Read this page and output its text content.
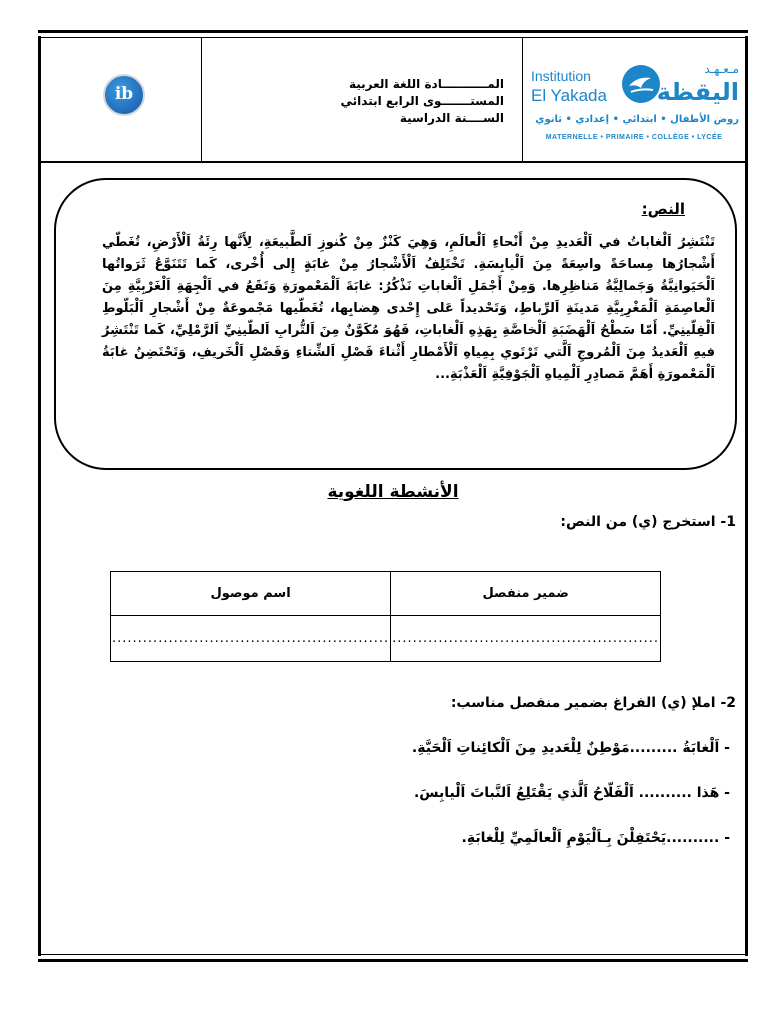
ib	المـــــــــــادة اللغة العربية
المستـــــــوى الرابع ابتدائي
الســــنة الدراسية
Institution
El Yakada
مـعـهـد
اليقظة
روض الأطفال • ابتدائي • إعدادي • ثانوي
MATERNELLE • PRIMAIRE • COLLÈGE • LYCÉE
النص:
تَنْتَشِرُ اَلْغاباتُ في اَلْعَديدِ مِنْ أَنْحاءِ اَلْعالَمِ، وَهِيَ كَنْزٌ مِنْ كُنوزِ اَلطَّبيعَةِ، لِأَنَّها رِئَةُ اَلْأَرْضِ، تُغَطّي أَشْجارُها مِساحَةً واسِعَةً مِنَ اَلْيابِسَةِ. تَخْتَلِفُ اَلْأَشْجارُ مِنْ غابَةٍ إِلى أُخْرى، كَما تَتَنَوَّعُ ثَرَواتُها اَلْحَيَوانِيَّةُ وَجَمالِيَّةُ مَناظِرِها. وَمِنْ أَجْمَلِ اَلْغاباتِ نَذْكُرُ: غابَةَ اَلْمَعْمورَةِ وَتَقَعُ في اَلْجِهَةِ اَلْغَرْبِيَّةِ مِنَ اَلْعاصِمَةِ اَلْمَغْرِبِيَّةِ مَدينَةِ اَلرِّباطِ، وَتَحْديداً عَلى إِحْدى هِضابِها، تُغَطّيها مَجْموعَةٌ مِنْ أَشْجارِ اَلْبَلّوطِ اَلْفِلّينِيِّ. أَمّا سَطْحُ اَلْهَضَبَةِ اَلْخاصَّةِ بِهَذِهِ اَلْغاباتِ، فَهُوَ مُكَوَّنٌ مِنَ اَلتُّرابِ اَلطّينِيِّ اَلرَّمْلِيِّ، كَما تَنْتَشِرُ فيهِ اَلْعَديدُ مِنَ اَلْمُروجِ اَلَّتي تَرْتَوي بِمِياهِ اَلْأَمْطارِ أَثْناءَ فَصْلِ اَلشِّتاءِ وَفَصْلِ اَلْخَريفِ، وَتَحْتَضِنُ غابَةُ اَلْمَعْمورَةِ أَهَمَّ مَصادِرِ اَلْمِياهِ اَلْجَوْفِيَّةِ اَلْعَذْبَةِ...
الأنشطة اللغوية
1- استخرج (ي) من النص:
ضمير منفصل	اسم موصول
....................................................	......................................................
2- املإ (ي) الفراغ بضمير منفصل مناسب:
- اَلْغابَةُ .........مَوْطِنٌ لِلْعَديدِ مِنَ اَلْكائِناتِ اَلْحَيَّةِ.
- هَذا .......... اَلْفَلّاحُ اَلَّذي يَقْتَلِعُ اَلنَّباتَ اَلْيابِسَ.
- ..........يَحْتَفِلْنَ بِـاَلْيَوْمِ اَلْعالَمِيِّ لِلْغابَةِ.
